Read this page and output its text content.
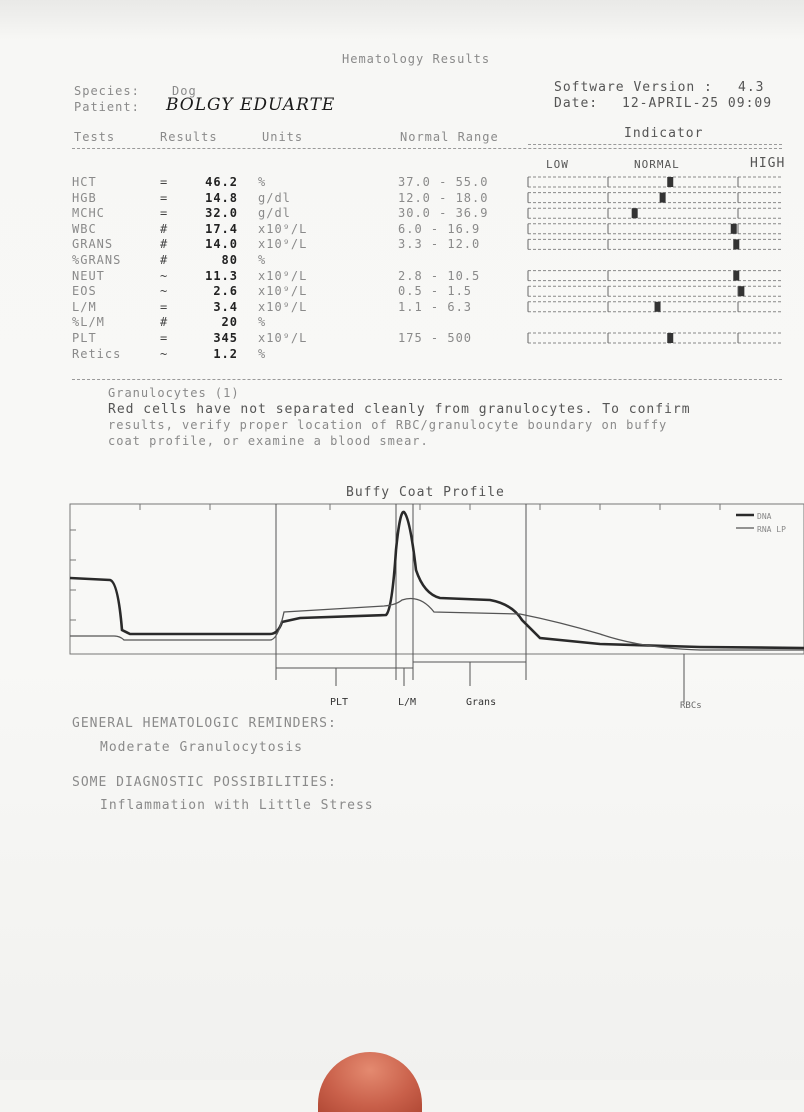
Hematology Results
Species:	Dog
Patient: BOLGY EDUARTE
Software Version : 4.3
Date: 12-APRIL-25 09:09
Tests	Results	Units	Normal Range	Indicator
LOW	NORMAL	HIGH
HCT	=	46.2 %	37.0 - 55.0
HGB	=	14.8 g/dl	12.0 - 18.0
MCHC	=	32.0 g/dl	30.0 - 36.9
WBC	#	17.4 x10⁹/L	6.0 - 16.9
GRANS	#	14.0 x10⁹/L	3.3 - 12.0
%GRANS	#	80 %
NEUT	~	11.3 x10⁹/L	2.8 - 10.5
EOS	~	2.6 x10⁹/L	0.5 - 1.5
L/M	=	3.4 x10⁹/L	1.1 - 6.3
%L/M	#	20 %
PLT	=	345 x10⁹/L	175 - 500
Retics	~	1.2 %
Granulocytes (1)
Red cells have not separated cleanly from granulocytes. To confirm
results, verify proper location of RBC/granulocyte boundary on buffy
coat profile, or examine a blood smear.
Buffy Coat Profile
DNA
RNA LP
PLT	L/M	Grans	RBCs
GENERAL HEMATOLOGIC REMINDERS:
Moderate Granulocytosis
SOME DIAGNOSTIC POSSIBILITIES:
Inflammation with Little Stress
